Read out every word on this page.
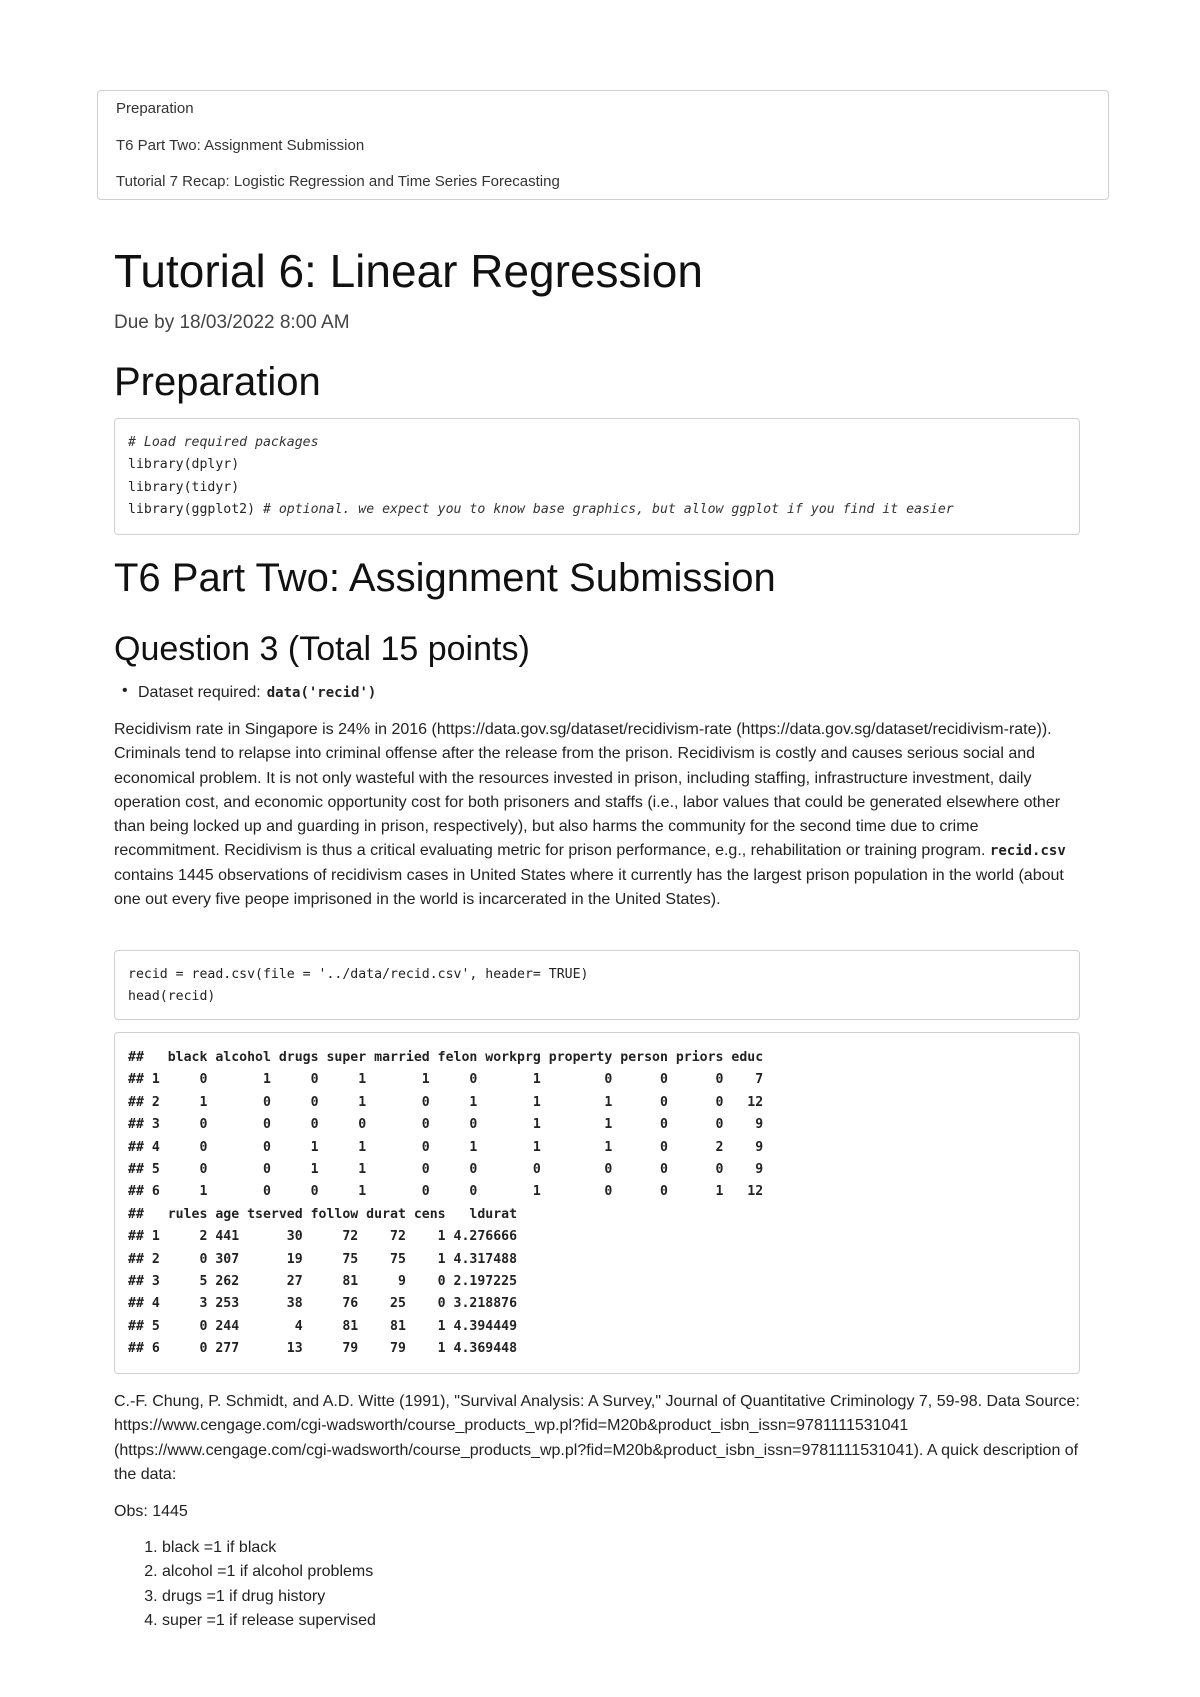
Preparation
T6 Part Two: Assignment Submission
Tutorial 7 Recap: Logistic Regression and Time Series Forecasting
Tutorial 6: Linear Regression
Due by 18/03/2022 8:00 AM
Preparation
# Load required packages
library(dplyr)
library(tidyr)
library(ggplot2) # optional. we expect you to know base graphics, but allow ggplot if you find it easier
T6 Part Two: Assignment Submission
Question 3 (Total 15 points)
• Dataset required: data('recid')

Recidivism rate in Singapore is 24% in 2016 (https://data.gov.sg/dataset/recidivism-rate (https://data.gov.sg/dataset/recidivism-rate)). Criminals tend to relapse into criminal offense after the release from the prison. Recidivism is costly and causes serious social and economical problem. It is not only wasteful with the resources invested in prison, including staffing, infrastructure investment, daily operation cost, and economic opportunity cost for both prisoners and staffs (i.e., labor values that could be generated elsewhere other than being locked up and guarding in prison, respectively), but also harms the community for the second time due to crime recommitment. Recidivism is thus a critical evaluating metric for prison performance, e.g., rehabilitation or training program. recid.csv contains 1445 observations of recidivism cases in United States where it currently has the largest prison population in the world (about one out every five peope imprisoned in the world is incarcerated in the United States).

recid = read.csv(file = '../data/recid.csv', header= TRUE)
head(recid)
##   black alcohol drugs super married felon workprg property person priors educ
## 1     0       1     0     1       1     0       1        0      0      0    7
## 2     1       0     0     1       0     1       1        1      0      0   12
## 3     0       0     0     0       0     0       1        1      0      0    9
## 4     0       0     1     1       0     1       1        1      0      2    9
## 5     0       0     1     1       0     0       0        0      0      0    9
## 6     1       0     0     1       0     0       1        0      0      1   12
##   rules age tserved follow durat cens   ldurat
## 1     2 441      30     72    72    1 4.276666
## 2     0 307      19     75    75    1 4.317488
## 3     5 262      27     81     9    0 2.197225
## 4     3 253      38     76    25    0 3.218876
## 5     0 244       4     81    81    1 4.394449
## 6     0 277      13     79    79    1 4.369448

C.-F. Chung, P. Schmidt, and A.D. Witte (1991), "Survival Analysis: A Survey," Journal of Quantitative Criminology 7, 59-98. Data Source: https://www.cengage.com/cgi-wadsworth/course_products_wp.pl?fid=M20b&product_isbn_issn=9781111531041 (https://www.cengage.com/cgi-wadsworth/course_products_wp.pl?fid=M20b&product_isbn_issn=9781111531041). A quick description of the data:

Obs: 1445

1. black =1 if black
2. alcohol =1 if alcohol problems
3. drugs =1 if drug history
4. super =1 if release supervised
